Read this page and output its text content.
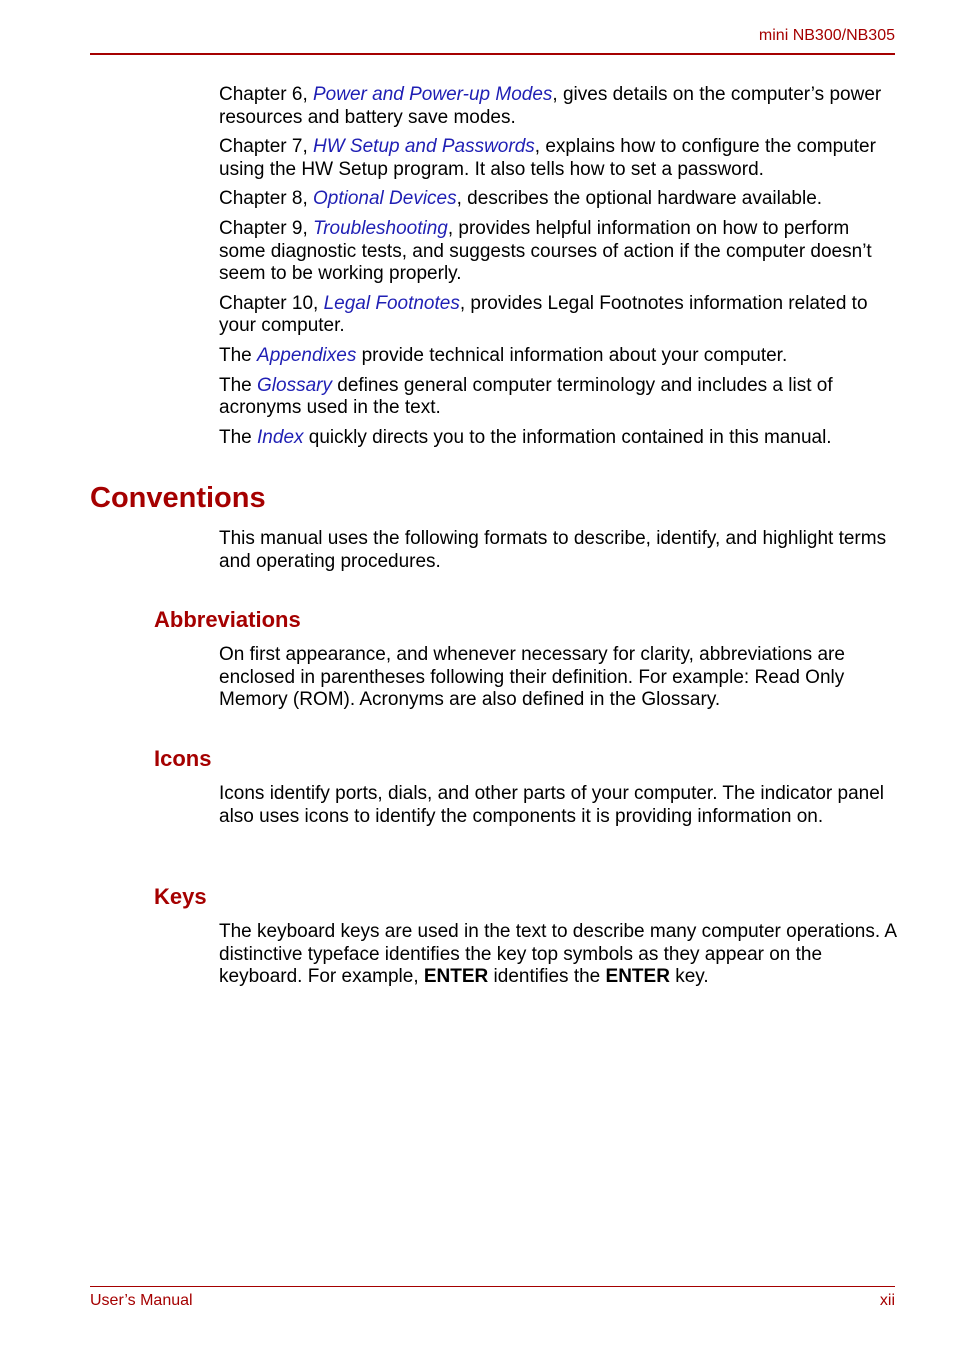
mini NB300/NB305

Chapter 6, Power and Power-up Modes, gives details on the computer’s power resources and battery save modes.

Chapter 7, HW Setup and Passwords, explains how to configure the computer using the HW Setup program. It also tells how to set a password.

Chapter 8, Optional Devices, describes the optional hardware available.

Chapter 9, Troubleshooting, provides helpful information on how to perform some diagnostic tests, and suggests courses of action if the computer doesn’t seem to be working properly.

Chapter 10, Legal Footnotes, provides Legal Footnotes information related to your computer.

The Appendixes provide technical information about your computer.

The Glossary defines general computer terminology and includes a list of acronyms used in the text.

The Index quickly directs you to the information contained in this manual.

Conventions

This manual uses the following formats to describe, identify, and highlight terms and operating procedures.

Abbreviations

On first appearance, and whenever necessary for clarity, abbreviations are enclosed in parentheses following their definition. For example: Read Only Memory (ROM). Acronyms are also defined in the Glossary.

Icons

Icons identify ports, dials, and other parts of your computer. The indicator panel also uses icons to identify the components it is providing information on.

Keys

The keyboard keys are used in the text to describe many computer operations. A distinctive typeface identifies the key top symbols as they appear on the keyboard. For example, ENTER identifies the ENTER key.

User’s Manual	xii
